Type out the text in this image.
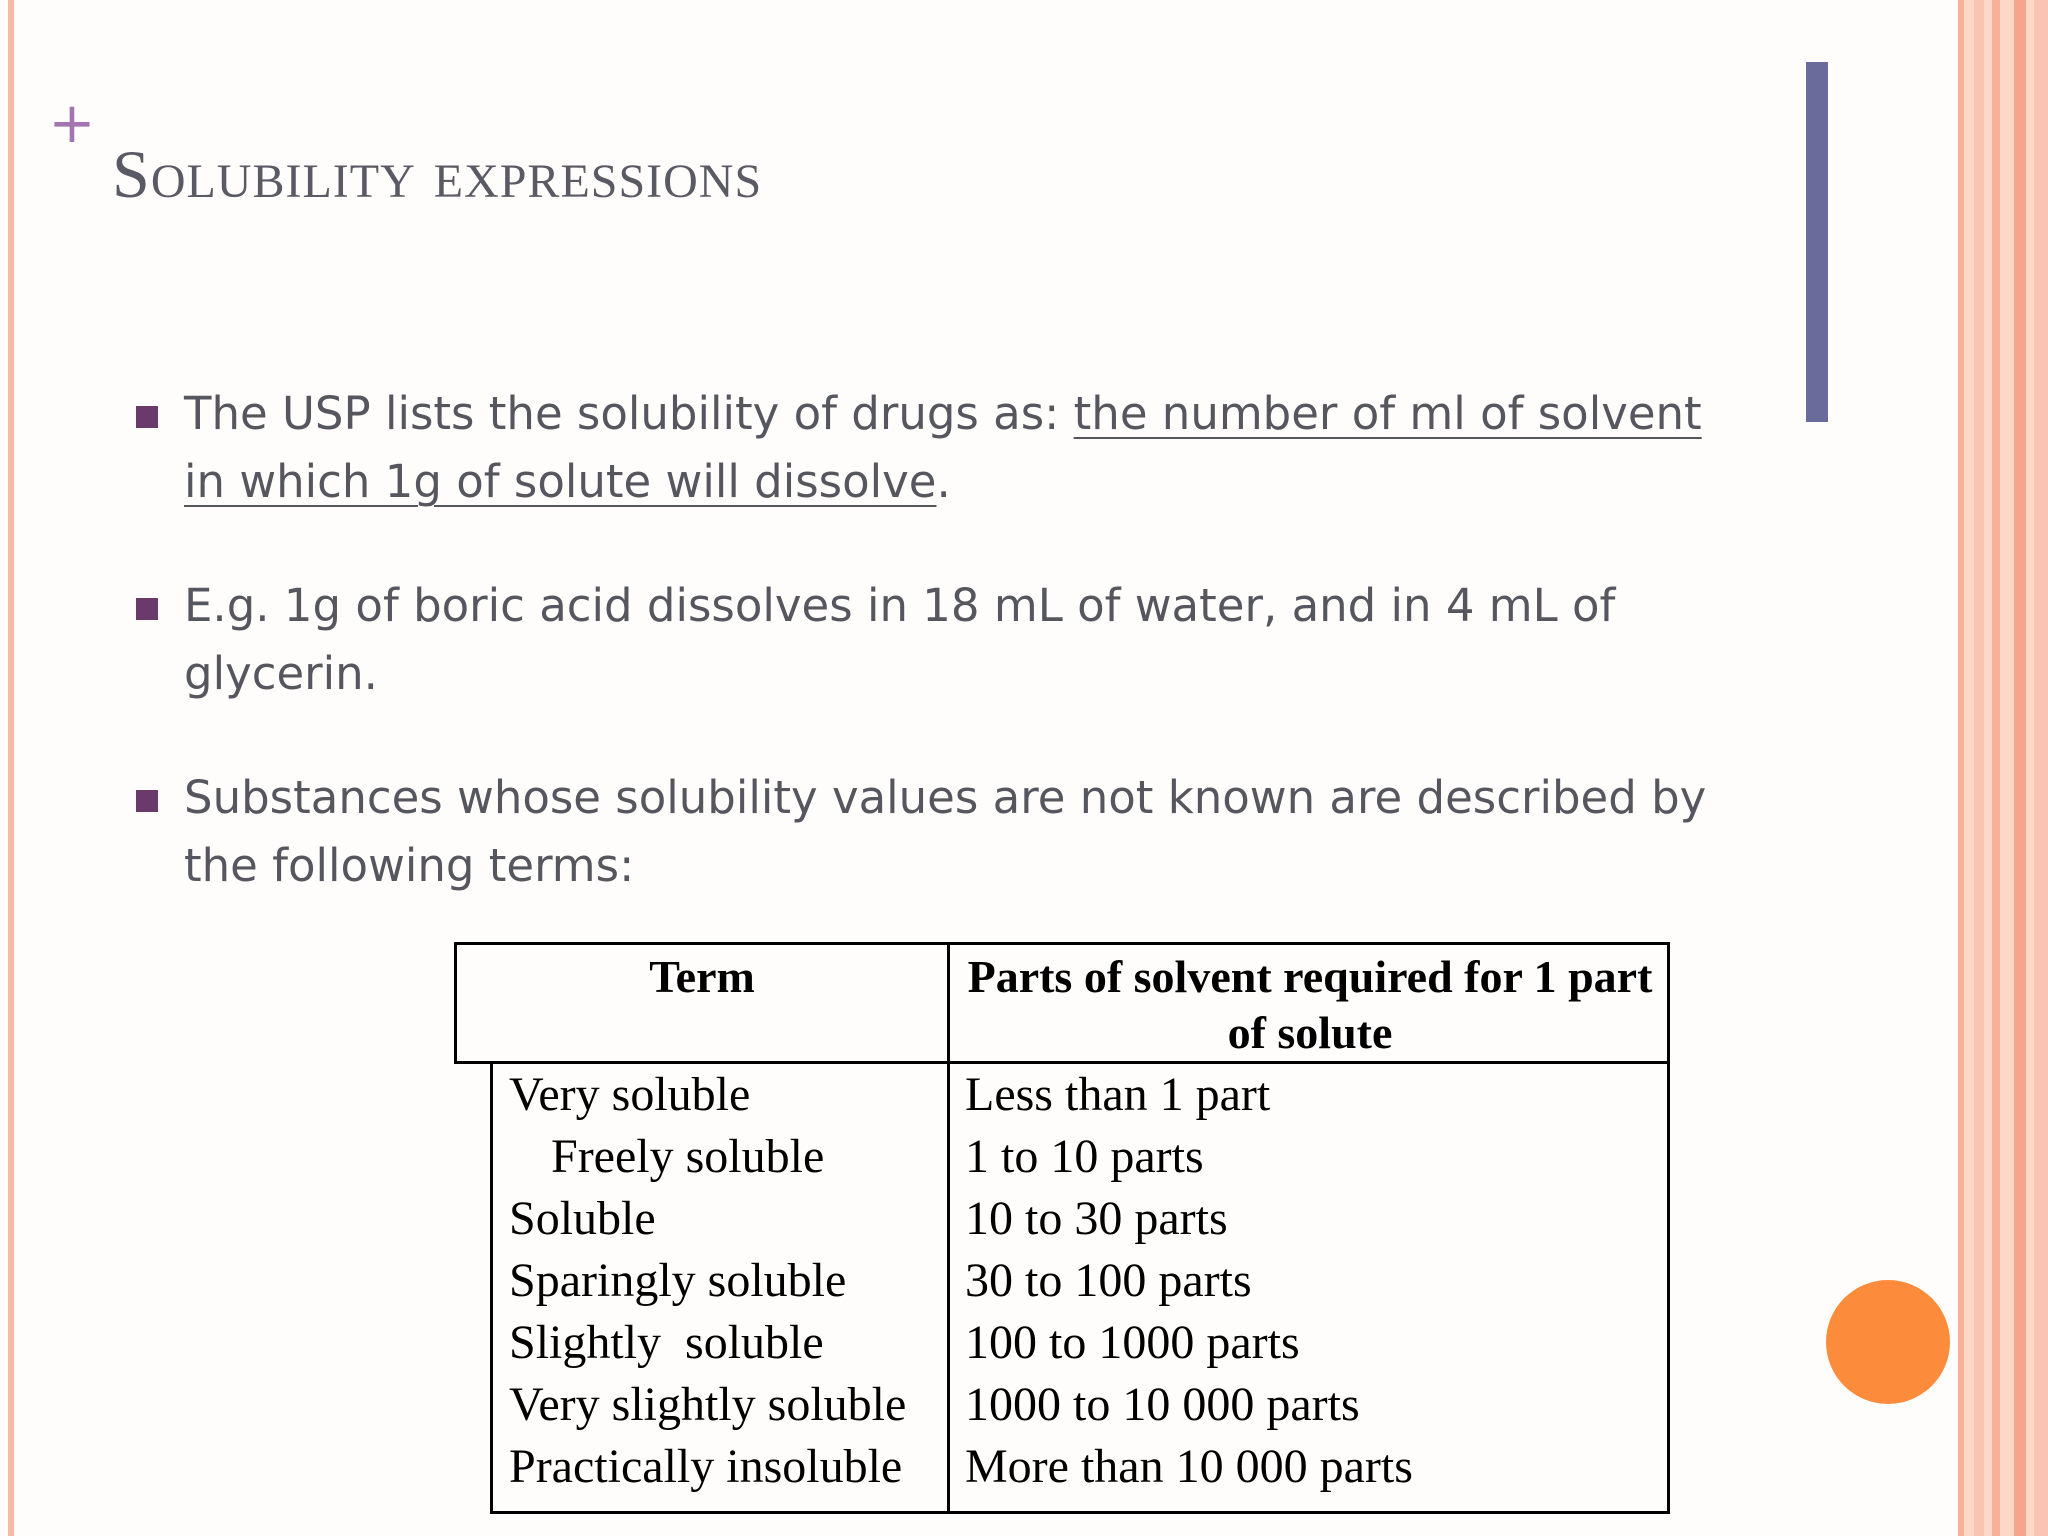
+
Solubility expressions
The USP lists the solubility of drugs as: the number of ml of solvent in which 1g of solute will dissolve.
E.g. 1g of boric acid dissolves in 18 mL of water, and in 4 mL of glycerin.
Substances whose solubility values are not known are described by the following terms:
Term	Parts of solvent required for 1 part of solute
Very soluble
Freely soluble
Soluble
Sparingly soluble
Slightly  soluble
Very slightly soluble
Practically insoluble
Less than 1 part
1 to 10 parts
10 to 30 parts
30 to 100 parts
100 to 1000 parts
1000 to 10 000 parts
More than 10 000 parts
